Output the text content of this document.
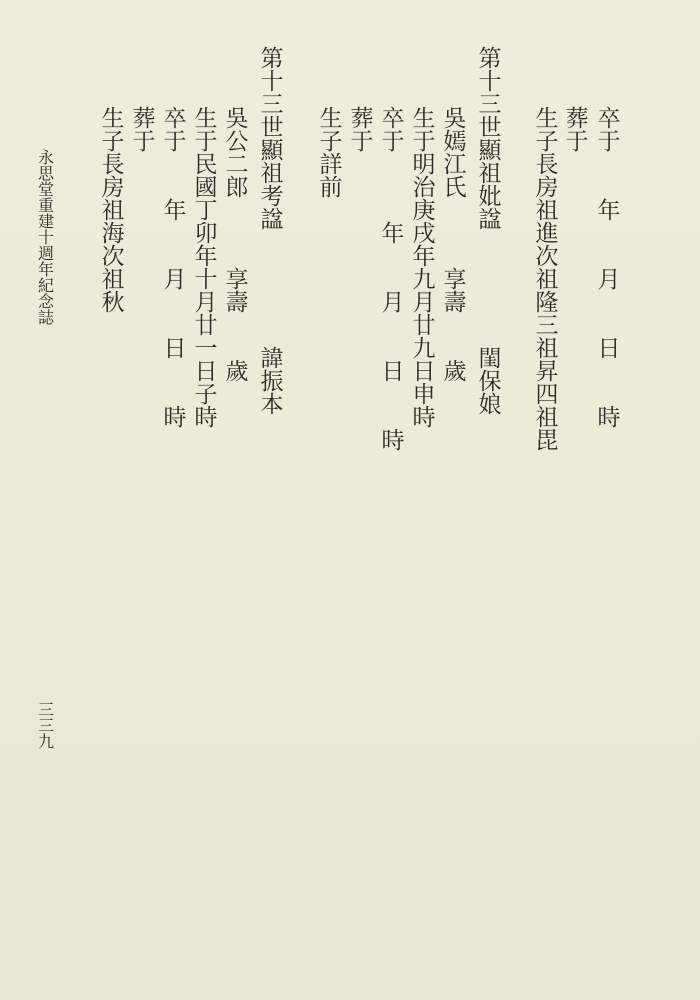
永
思
堂
重
建
十
週
年
紀
念
誌
三
三
九
卒
于

年

月

日

時
葬
于
生
子
長
房
祖
進
次
祖
隆
三
祖
昇
四
祖
毘
第
十
三
世
顯
祖
妣
諡
閨
保
娘
吳
嫣
江
氏

享
壽

歲
生
于
明
治
庚
戌
年
九
月
廿
九
日
申
時
卒
于

年

月

日

時
葬
于
生
子
詳
前
第
十
三
世
顯
祖
考
諡
諱
振
本
吳
公
二
郎

享
壽

歲
生
于
民
國
丁
卯
年
十
月
廿
一
日
子
時
卒
于

年

月

日

時
葬
于
生
子
長
房
祖
海
次
祖
秋
